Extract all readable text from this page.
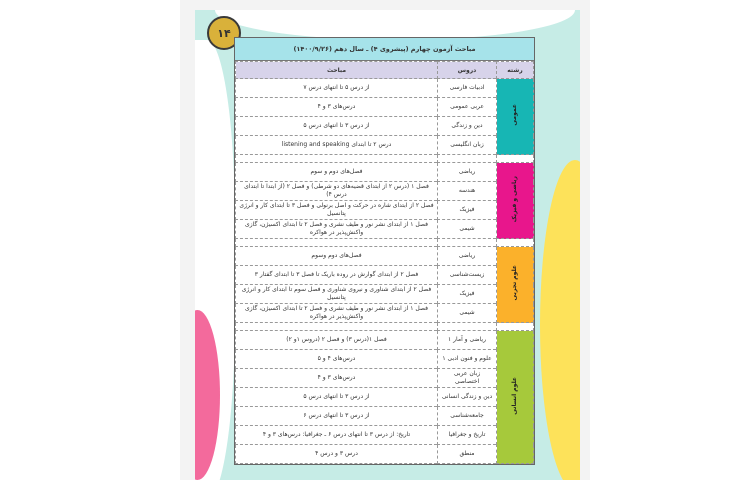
۱۴
مباحث آزمون چهارم (پیشروی ۴) ـ سال دهم (۱۴۰۰/۹/۲۶)
رشته	دروس	مباحث
عمومی	ادبیات فارسی	از درس ۵ تا انتهای درس ۷
	عربی عمومی	درس‌های ۳ و ۴
	دین و زندگی	از درس ۳ تا انتهای درس ۵
	زبان انگلیسی	درس ۲ تا ابتدای listening and speaking

ریاضی و فیزیک	ریاضی	فصل‌های دوم و سوم
	هندسه	فصل ۱ (درس ۲ از ابتدای قضیه‌های دو شرطی) و فصل ۲ (از ابتدا تا ابتدای درس ۴)
	فیزیک	فصل ۲ از ابتدای شاره در حرکت و اصل برنولی و فصل ۳ تا ابتدای کار و انرژی پتانسیل
	شیمی	فصل ۱ از ابتدای نشر نور و طیف نشری و فصل ۲ تا ابتدای اکسیژن، گازی واکنش‌پذیر در هواکره

علوم تجربی	ریاضی	فصل‌های دوم وسوم
	زیست‌شناسی	فصل ۲ از ابتدای گوارش در روده باریک تا فصل ۳ تا ابتدای گفتار ۳
	فیزیک	فصل ۲ از ابتدای شناوری و نیروی شناوری و فصل سوم تا ابتدای کار و انرژی پتانسیل
	شیمی	فصل ۱ از ابتدای نشر نور و طیف نشری و فصل ۲ تا ابتدای اکسیژن، گازی واکنش‌پذیر در هواکره

علوم انسانی	ریاضی و آمار ۱	فصل ۱(درس ۳) و فصل ۲ (دروس ۱و ۲)
	علوم و فنون ادبی ۱	درس‌های ۴ و ۵
	زبان عربی اختصاصی	درس‌های ۳ و ۴
	دین و زندگی انسانی	از درس ۳ تا انتهای درس ۵
	جامعه‌شناسی	از درس ۳ تا انتهای درس ۶
	تاریخ و جغرافیا	تاریخ: از درس ۳ تا انتهای درس ۶ ـ جغرافیا: درس‌های ۳ و ۴
	منطق	درس ۳ و درس ۴
